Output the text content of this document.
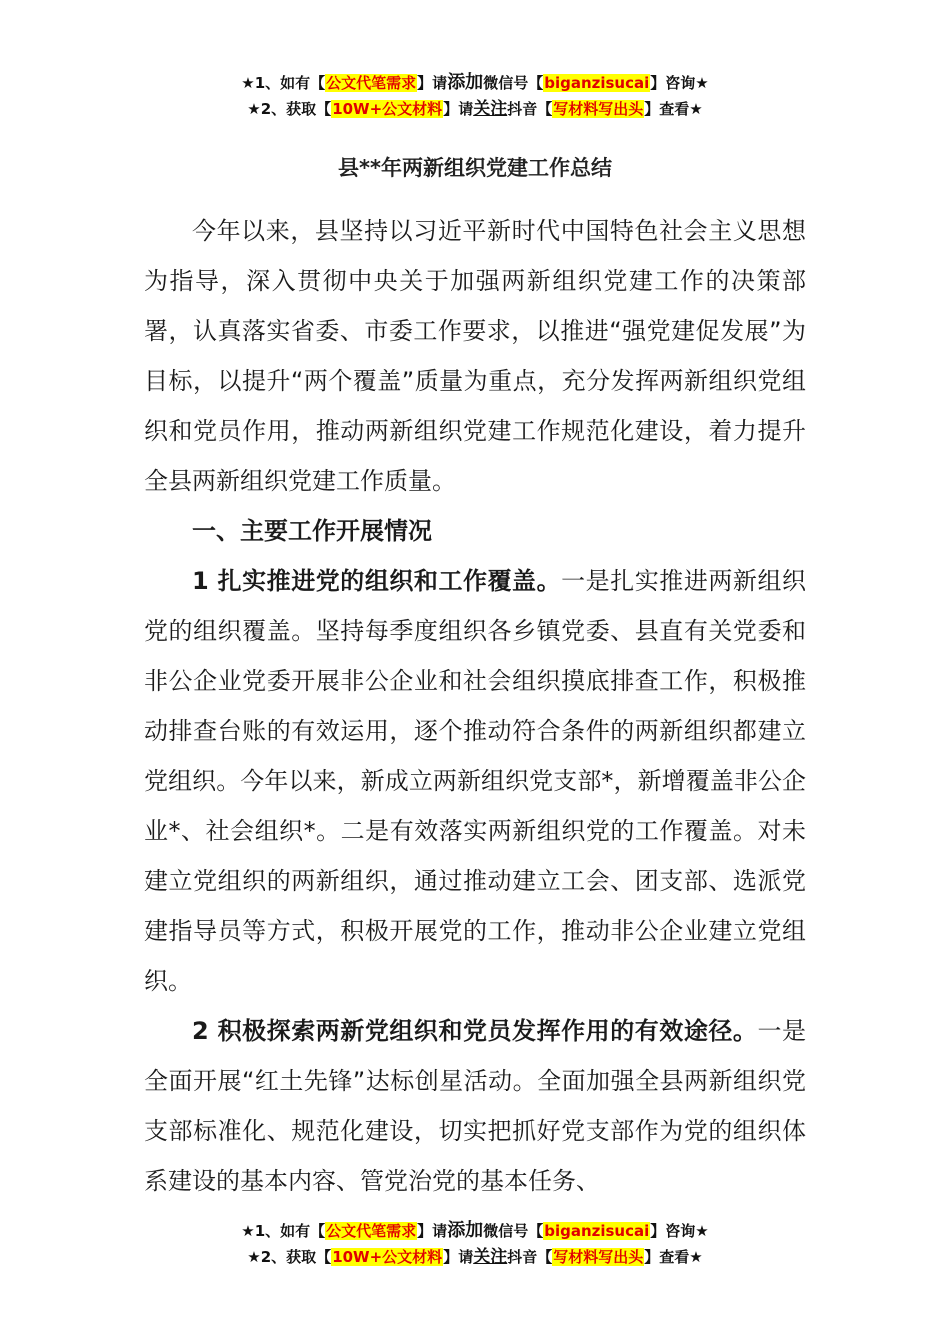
★1、如有【公文代笔需求】请添加微信号【biganzisucai】咨询★
★2、获取【10W+公文材料】请关注抖音【写材料写出头】查看★
县**年两新组织党建工作总结
今年以来，县坚持以习近平新时代中国特色社会主义思想为指导，深入贯彻中央关于加强两新组织党建工作的决策部署，认真落实省委、市委工作要求，以推进“强党建促发展”为目标，以提升“两个覆盖”质量为重点，充分发挥两新组织党组织和党员作用，推动两新组织党建工作规范化建设，着力提升全县两新组织党建工作质量。
一、主要工作开展情况
1 扎实推进党的组织和工作覆盖。一是扎实推进两新组织党的组织覆盖。坚持每季度组织各乡镇党委、县直有关党委和非公企业党委开展非公企业和社会组织摸底排查工作，积极推动排查台账的有效运用，逐个推动符合条件的两新组织都建立党组织。今年以来，新成立两新组织党支部*，新增覆盖非公企业*、社会组织*。二是有效落实两新组织党的工作覆盖。对未建立党组织的两新组织，通过推动建立工会、团支部、选派党建指导员等方式，积极开展党的工作，推动非公企业建立党组织。
2 积极探索两新党组织和党员发挥作用的有效途径。一是全面开展“红土先锋”达标创星活动。全面加强全县两新组织党支部标准化、规范化建设，切实把抓好党支部作为党的组织体系建设的基本内容、管党治党的基本任务、
★1、如有【公文代笔需求】请添加微信号【biganzisucai】咨询★
★2、获取【10W+公文材料】请关注抖音【写材料写出头】查看★
